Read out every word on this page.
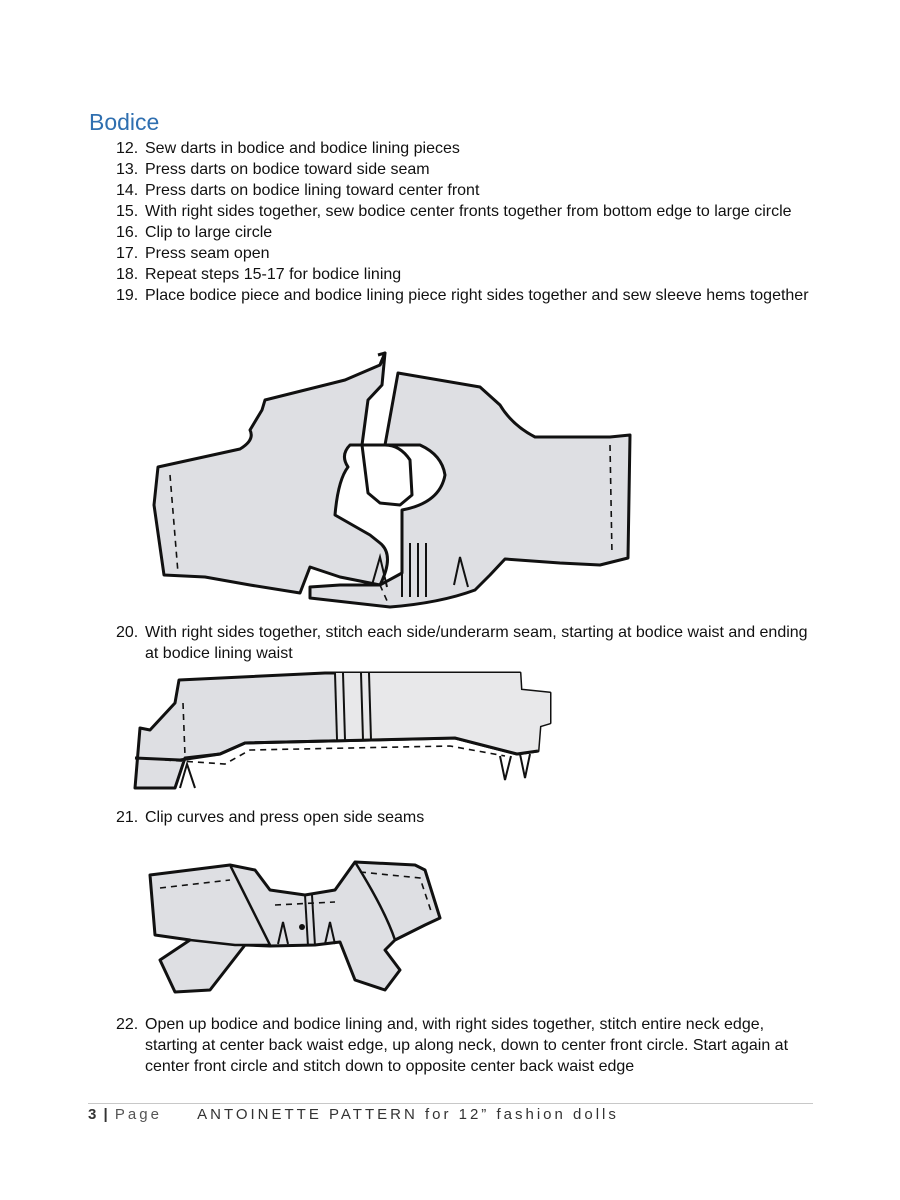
Bodice
12. Sew darts in bodice and bodice lining pieces
13. Press darts on bodice toward side seam
14. Press darts on bodice lining toward center front
15. With right sides together, sew bodice center fronts together from bottom edge to large circle
16. Clip to large circle
17. Press seam open
18. Repeat steps 15-17 for bodice lining
19. Place bodice piece and bodice lining piece right sides together and sew sleeve hems together
20. With right sides together, stitch each side/underarm seam, starting at bodice waist and ending at bodice lining waist
21. Clip curves and press open side seams
22. Open up bodice and bodice lining and, with right sides together, stitch entire neck edge, starting at center back waist edge, up along neck, down to center front circle. Start again at center front circle and stitch down to opposite center back waist edge
3 | Page ANTOINETTE PATTERN for 12” fashion dolls
